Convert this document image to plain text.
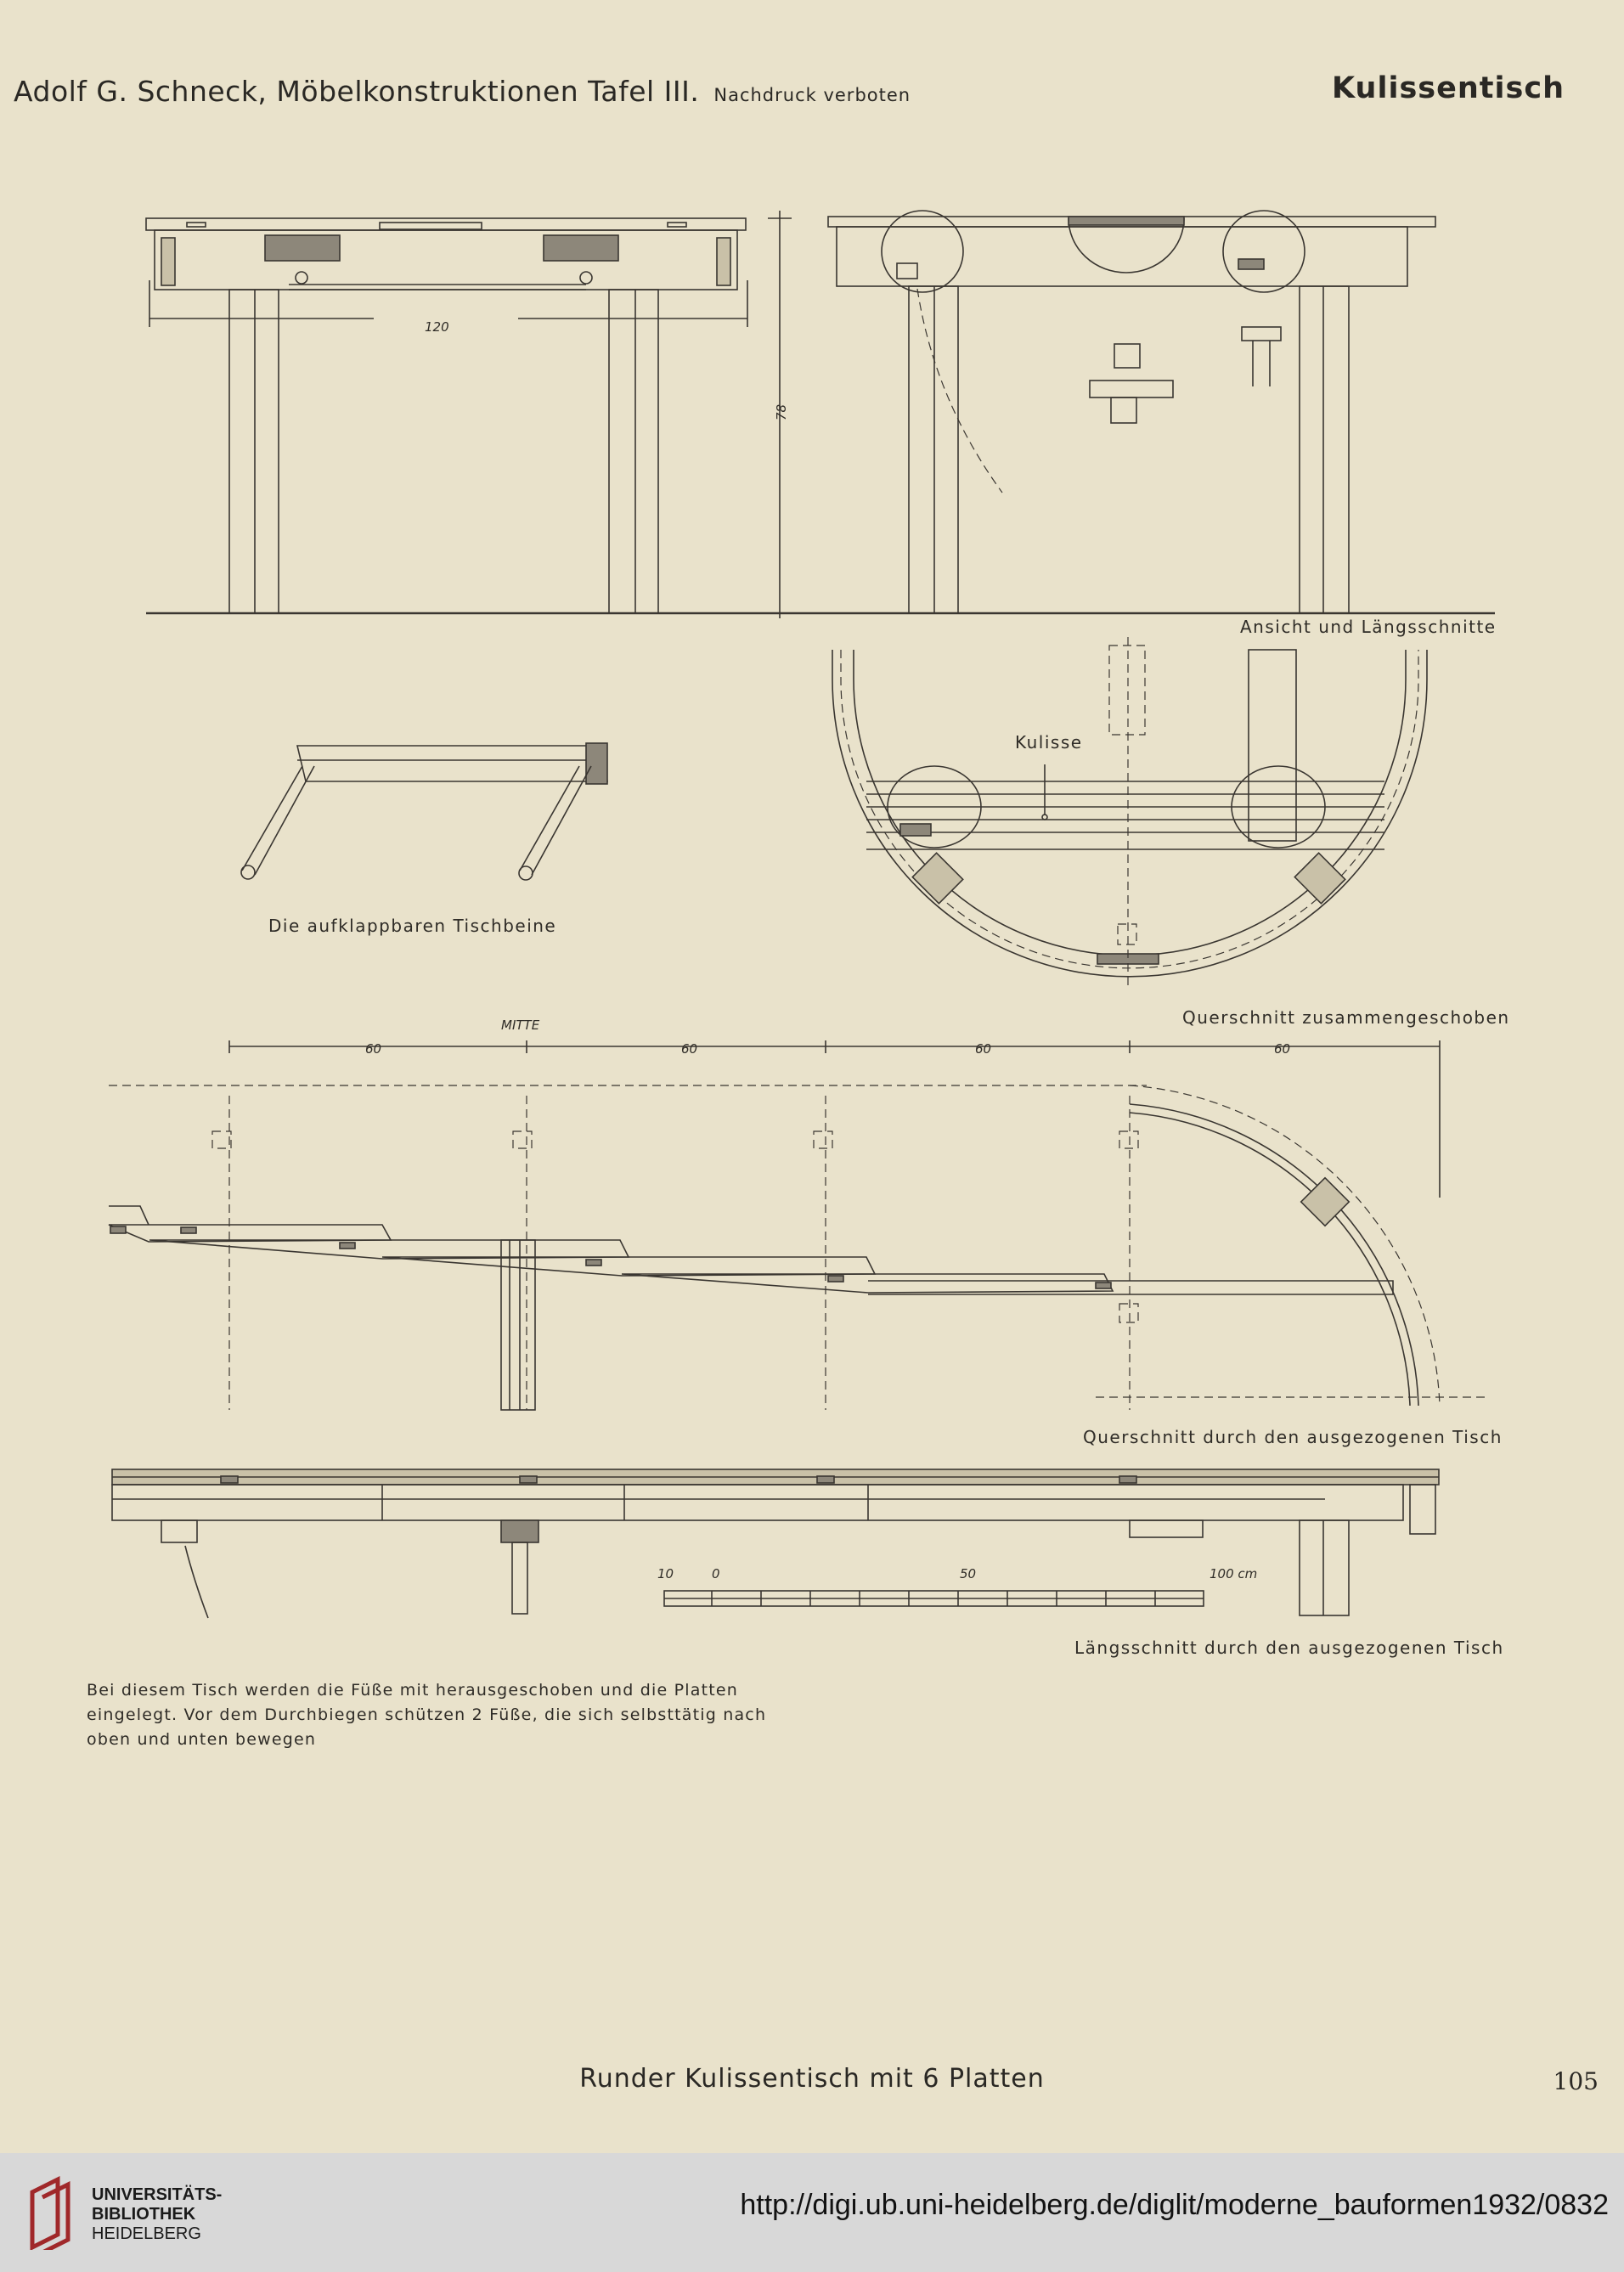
Adolf G. Schneck, Möbelkonstruktionen Tafel III. Nachdruck verboten	Kulissentisch
120
78
60	60	60	60
MITTE
10	0	50	100 cm
Ansicht und Längsschnitte
Die aufklappbaren Tischbeine
Kulisse
Querschnitt zusammengeschoben
Querschnitt durch den ausgezogenen Tisch
Längsschnitt durch den ausgezogenen Tisch
Bei diesem Tisch werden die Füße mit herausgeschoben und die Platten eingelegt. Vor dem Durchbiegen schützen 2 Füße, die sich selbsttätig nach oben und unten bewegen
Runder Kulissentisch mit 6 Platten	105
UNIVERSITÄTS-
BIBLIOTHEK
HEIDELBERG
http://digi.ub.uni-heidelberg.de/diglit/moderne_bauformen1932/0832
